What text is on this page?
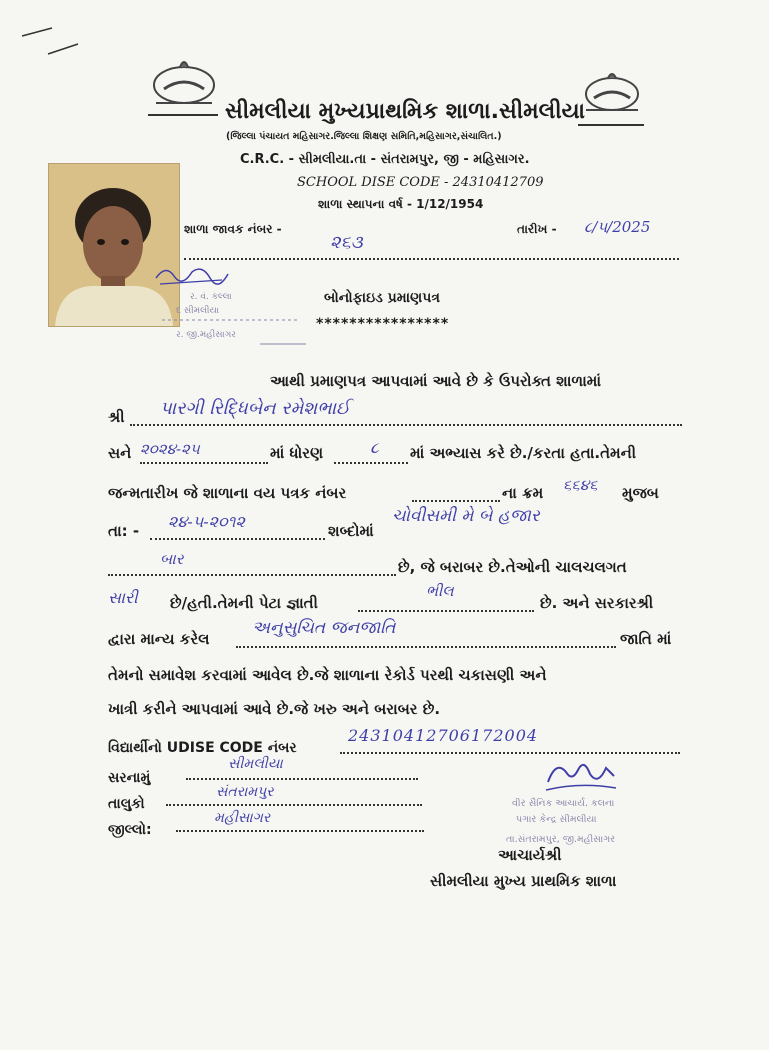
સીમલીયા મુખ્યપ્રાથમિક શાળા.સીમલીયા
(જિલ્લા પંચાયત મહિસાગર.જિલ્લા શિક્ષણ સમિતિ,મહિસાગર,સંચાલિત.)
C.R.C. - સીમલીયા.તા - સંતરામપુર, જી - મહિસાગર.
SCHOOL DISE CODE - 24310412709
શાળા સ્થાપના વર્ષ - 1/12/1954
ર. વં. કલ્લા
દ સીમલીયા
ર. જી.મહીસાગર
શાળા જાવક નંબર -
૨૬૩
તારીખ - ૮/૫/2025
બોનોફાઇડ પ્રમાણપત્ર
****************
આથી પ્રમાણપત્ર આપવામાં આવે છે કે ઉપરોક્ત શાળામાં
શ્રી પારગી રિદ્ધિબેન રમેશભાઈ
સને ૨૦૨૪-૨૫	માં ધોરણ	૮ માં અભ્યાસ કરે છે./કરતા હતા.તેમની
જન્મતારીખ જે શાળાના વય પત્રક નંબર	ના ક્રમ ૬૬૪૬ મુજબ
તા: - ૨૪-૫-૨૦૧૨	શબ્દોમાં
ચોવીસમી મે બે હજાર
બાર	છે, જે બરાબર છે.તેઓની ચાલચલગત
સારી છે/હતી.તેમની પેટા જ્ઞાતી
ભીલ
છે. અને સરકારશ્રી
દ્વારા માન્ય કરેલ
અનુસુચિત જનજાતિ
જાતિ માં
તેમનો સમાવેશ કરવામાં આવેલ છે.જે શાળાના રેકોર્ડ પરથી ચકાસણી અને
ખાત્રી કરીને આપવામાં આવે છે.જે ખરુ અને બરાબર છે.
વિદ્યાર્થીનો UDISE CODE નંબર
24310412706172004
સરનામું
સીમલીયા
તાલુકો
સંતરામપુર
જીલ્લો:
મહીસાગર
વીર સૈનિક આચાર્ય. કલના
પગાર કેન્દ્ર સીમલીયા
તા.સંતરામપુર, જી.મહીસાગર
આચાર્યશ્રી
સીમલીયા મુખ્ય પ્રાથમિક શાળા
